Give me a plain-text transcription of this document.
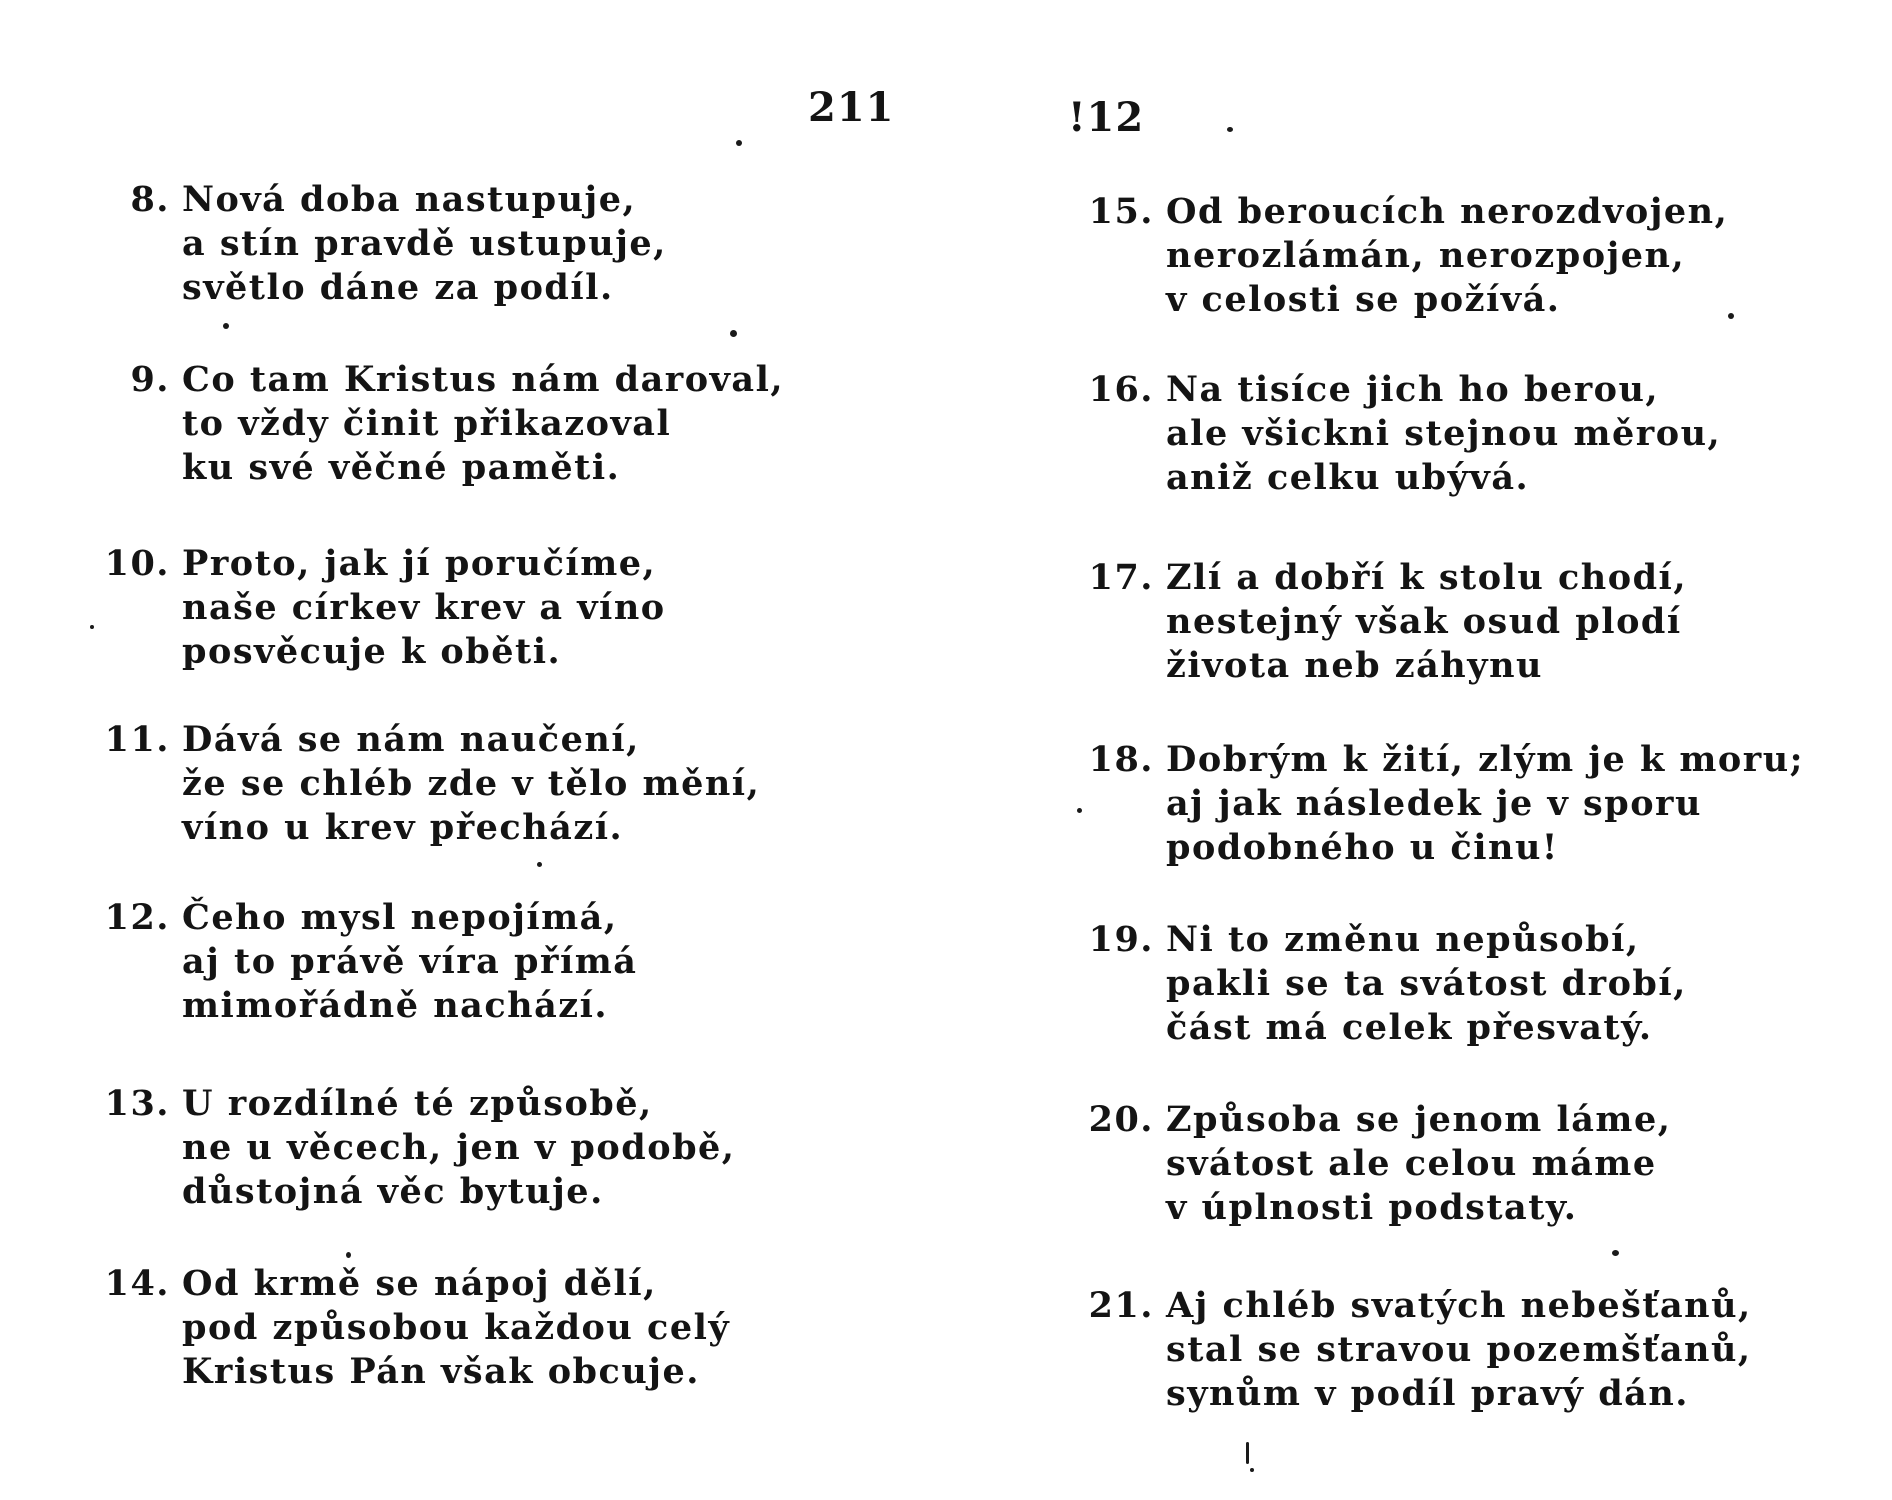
211
8. Nová doba nastupuje,
a stín pravdě ustupuje,
světlo dáne za podíl.
9. Co tam Kristus nám daroval,
to vždy činit přikazoval
ku své věčné paměti.
10. Proto, jak jí poručíme,
naše církev krev a víno
posvěcuje k oběti.
11. Dává se nám naučení,
že se chléb zde v tělo mění,
víno u krev přechází.
12. Čeho mysl nepojímá,
aj to právě víra přímá
mimořádně nachází.
13. U rozdílné té způsobě,
ne u věcech, jen v podobě,
důstojná věc bytuje.
14. Od krmě se nápoj dělí,
pod způsobou každou celý
Kristus Pán však obcuje.
!12
15. Od beroucích nerozdvojen,
nerozlámán, nerozpojen,
v celosti se požívá.
16. Na tisíce jich ho berou,
ale všickni stejnou měrou,
aniž celku ubývá.
17. Zlí a dobří k stolu chodí,
nestejný však osud plodí
života neb záhynu
18. Dobrým k žití, zlým je k moru;
aj jak následek je v sporu
podobného u činu!
19. Ni to změnu nepůsobí,
pakli se ta svátost drobí,
část má celek přesvatý.
20. Způsoba se jenom láme,
svátost ale celou máme
v úplnosti podstaty.
21. Aj chléb svatých nebešťanů,
stal se stravou pozemšťanů,
synům v podíl pravý dán.
